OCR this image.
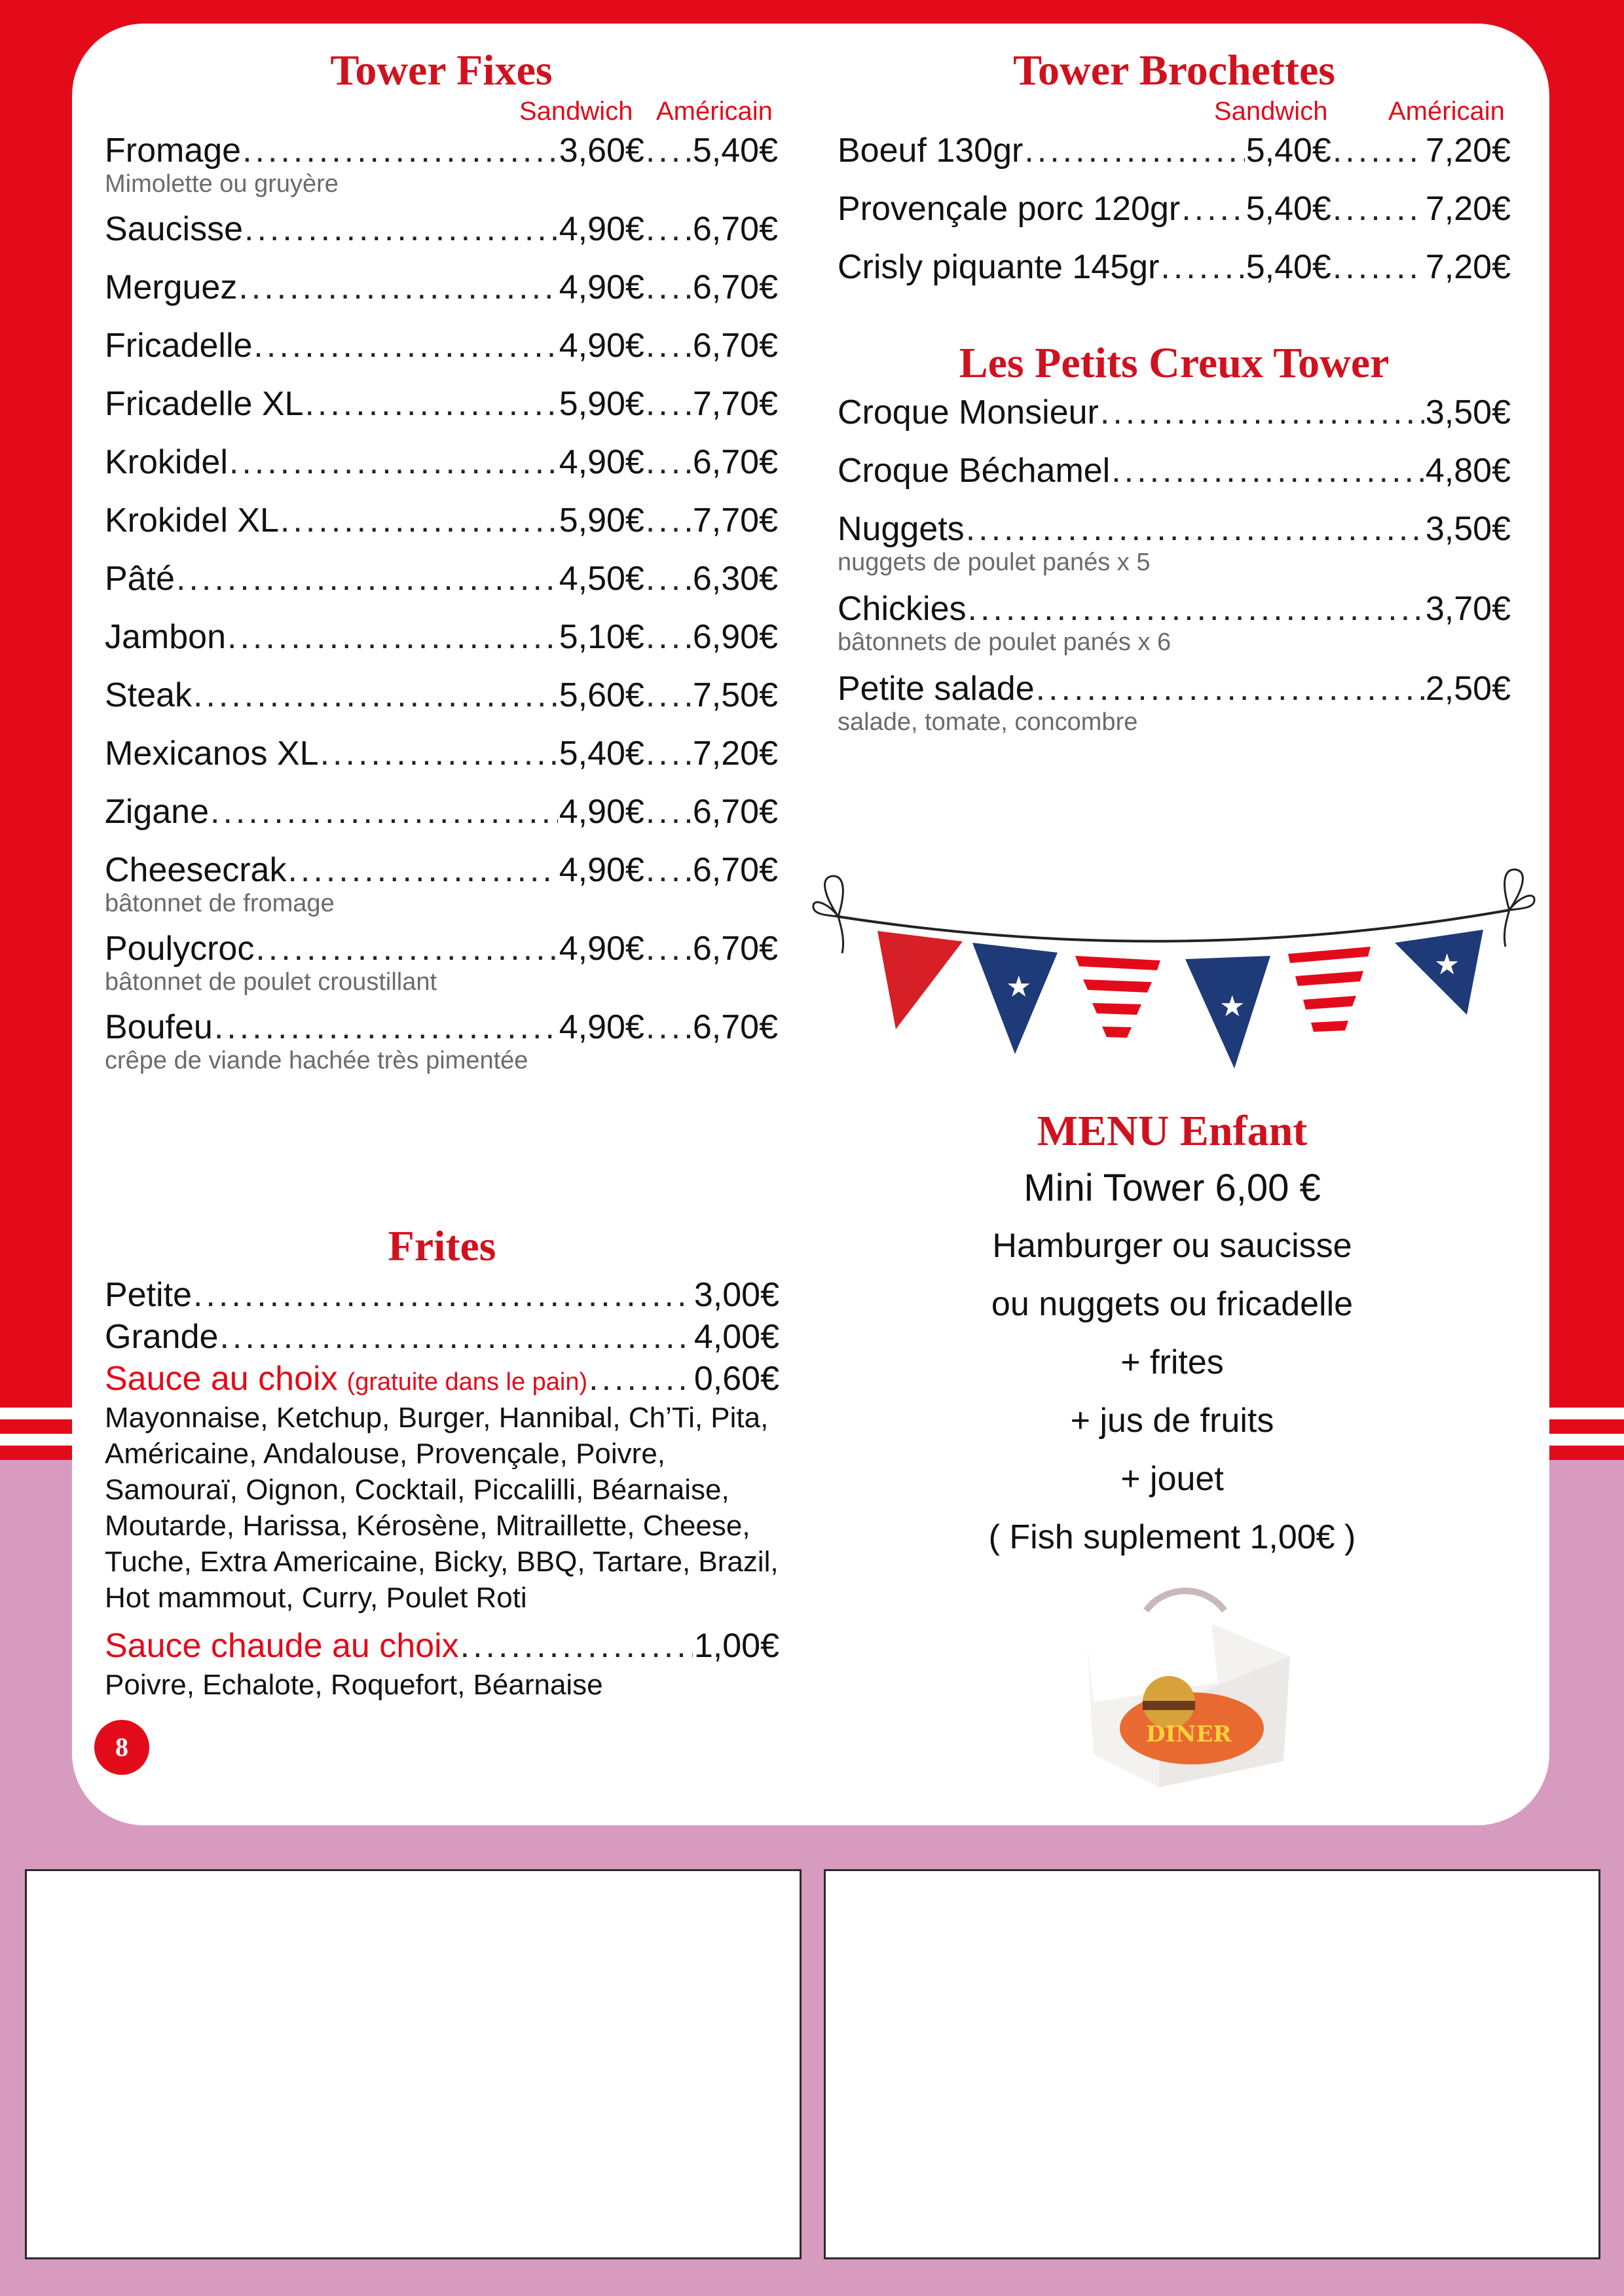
Tower Fixes
Sandwich Américain
Fromage .....	3,60€ ..... 5,40€
Mimolette ou gruyère
Saucisse .....	4,90€ ..... 6,70€
Merguez .....	4,90€ ..... 6,70€
Fricadelle .....	4,90€ ..... 6,70€
Fricadelle XL .....	5,90€ ..... 7,70€
Krokidel .....	4,90€ ..... 6,70€
Krokidel XL .....	5,90€ ..... 7,70€
Pâté .....	4,50€ ..... 6,30€
Jambon .....	5,10€ ..... 6,90€
Steak .....	5,60€ ..... 7,50€
Mexicanos XL .....	5,40€ ..... 7,20€
Zigane .....	4,90€ ..... 6,70€
Cheesecrak .....	4,90€ ..... 6,70€
bâtonnet de fromage
Poulycroc .....	4,90€ ..... 6,70€
bâtonnet de poulet croustillant
Boufeu .....	4,90€ ..... 6,70€
crêpe de viande hachée très pimentée
Frites
Petite .....	3,00€
Grande .....	4,00€
Sauce au choix (gratuite dans le pain) .....	0,60€
Mayonnaise, Ketchup, Burger, Hannibal, Ch’Ti, Pita, Américaine, Andalouse, Provençale, Poivre, Samouraï, Oignon, Cocktail, Piccalilli, Béarnaise, Moutarde, Harissa, Kérosène, Mitraillette, Cheese, Tuche, Extra Americaine, Bicky, BBQ, Tartare, Brazil, Hot mammout, Curry, Poulet Roti
Sauce chaude au choix .....	1,00€
Poivre, Echalote, Roquefort, Béarnaise
8
Tower Brochettes
Sandwich Américain
Boeuf 130gr .....	5,40€ .....	7,20€
Provençale porc 120gr ..... 5,40€ .....	7,20€
Crisly piquante 145gr .....	5,40€ .....	7,20€
Les Petits Creux Tower
Croque Monsieur .....	3,50€
Croque Béchamel .....	4,80€
Nuggets .....	3,50€
nuggets de poulet panés x 5
Chickies .....	3,70€
bâtonnets de poulet panés x 6
Petite salade .....	2,50€
salade, tomate, concombre
★
★
★
MENU Enfant
Mini Tower 6,00 €
Hamburger ou saucisse
ou nuggets ou fricadelle
+ frites
+ jus de fruits
+ jouet
( Fish suplement 1,00€ )
DINER
